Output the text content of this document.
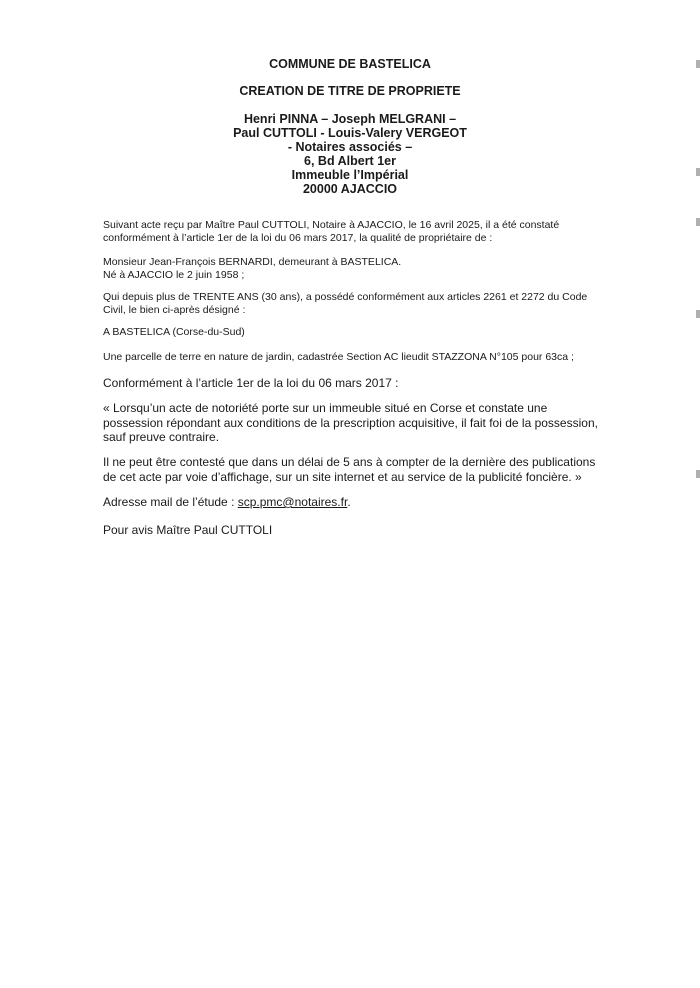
COMMUNE DE BASTELICA
CREATION DE TITRE DE PROPRIETE
Henri PINNA – Joseph MELGRANI –
Paul CUTTOLI - Louis-Valery VERGEOT
- Notaires associés –
6, Bd Albert 1er
Immeuble l’Impérial
20000 AJACCIO

Suivant acte reçu par Maître Paul CUTTOLI, Notaire à AJACCIO, le 16 avril 2025, il a été constaté

conformément à l’article 1er de la loi du 06 mars 2017, la qualité de propriétaire de :

Monsieur Jean-François BERNARDI, demeurant à BASTELICA.

Né à AJACCIO le 2 juin 1958 ;

Qui depuis plus de TRENTE ANS (30 ans), a possédé conformément aux articles 2261 et 2272 du Code

Civil, le bien ci-après désigné :

A BASTELICA (Corse-du-Sud)

Une parcelle de terre en nature de jardin, cadastrée Section AC lieudit STAZZONA N°105 pour 63ca ;

Conformément à l’article 1er de la loi du 06 mars 2017 :

« Lorsqu’un acte de notoriété porte sur un immeuble situé en Corse et constate une

possession répondant aux conditions de la prescription acquisitive, il fait foi de la possession,

sauf preuve contraire.

Il ne peut être contesté que dans un délai de 5 ans à compter de la dernière des publications

de cet acte par voie d’affichage, sur un site internet et au service de la publicité foncière. »

Adresse mail de l’étude : scp.pmc@notaires.fr.

Pour avis Maître Paul CUTTOLI
